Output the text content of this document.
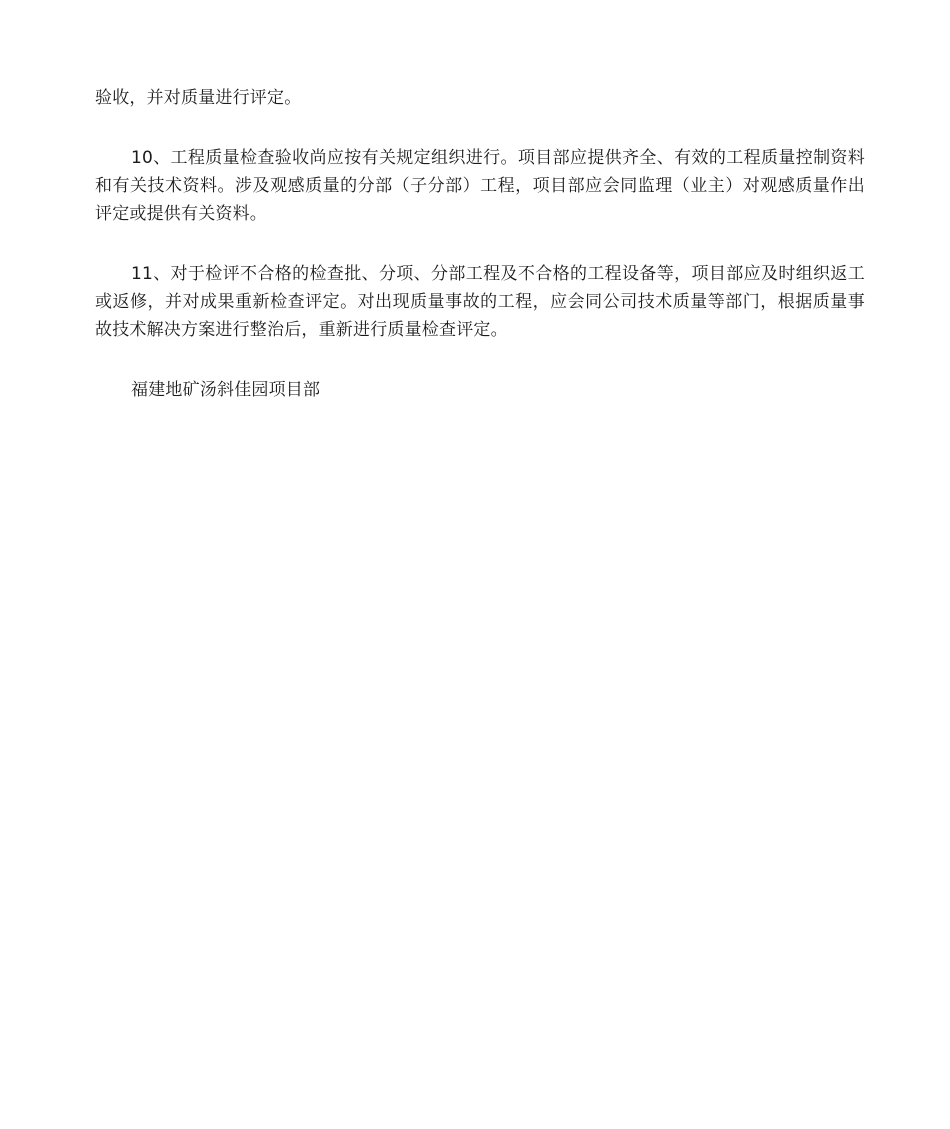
验收，并对质量进行评定。

10、工程质量检查验收尚应按有关规定组织进行。项目部应提供齐全、有效的工程质量控制资料和有关技术资料。涉及观感质量的分部（子分部）工程，项目部应会同监理（业主）对观感质量作出评定或提供有关资料。

11、对于检评不合格的检查批、分项、分部工程及不合格的工程设备等，项目部应及时组织返工或返修，并对成果重新检查评定。对出现质量事故的工程，应会同公司技术质量等部门，根据质量事故技术解决方案进行整治后，重新进行质量检查评定。

福建地矿汤斜佳园项目部
